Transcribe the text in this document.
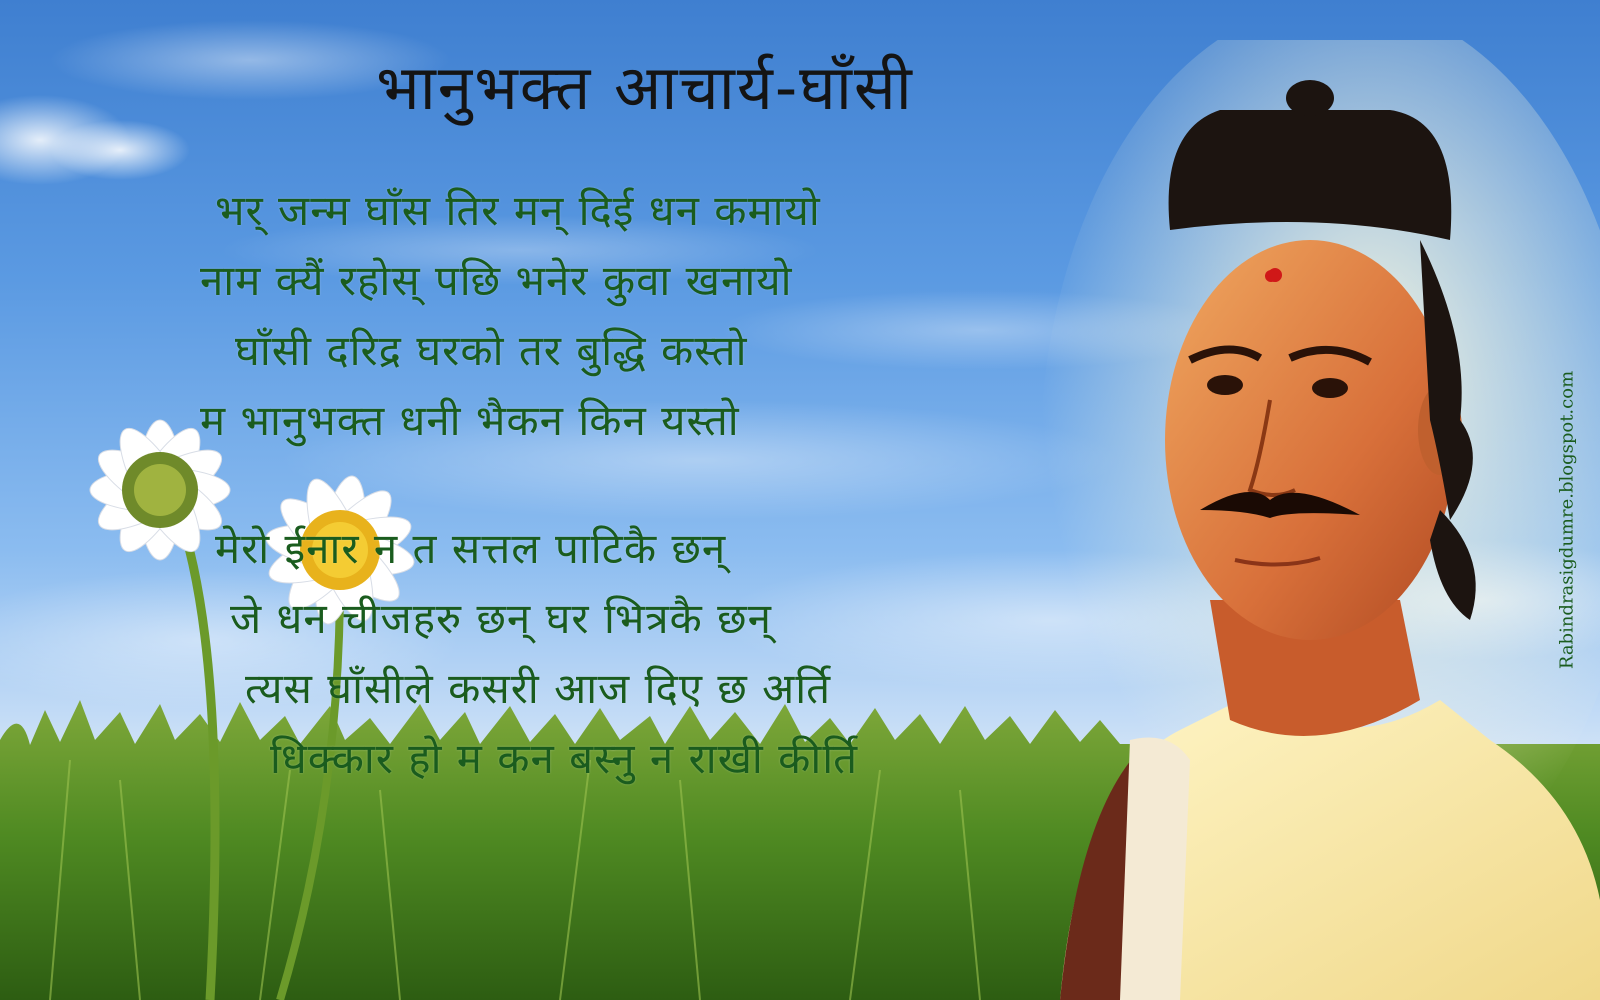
भानुभक्त आचार्य-घाँसी
भर् जन्म घाँस तिर मन् दिई धन कमायो
नाम क्यैं रहोस् पछि भनेर कुवा खनायो
घाँसी दरिद्र घरको तर बुद्धि कस्तो
म भानुभक्त धनी भैकन किन यस्तो
मेरो ईनार न त सत्तल पाटिकै छन्
जे धन चीजहरु छन् घर भित्रकै छन्
त्यस घाँसीले कसरी आज दिए छ अर्ति
धिक्कार हो म कन बस्नु न राखी कीर्ति
Rabindrasigdumre.blogspot.com
